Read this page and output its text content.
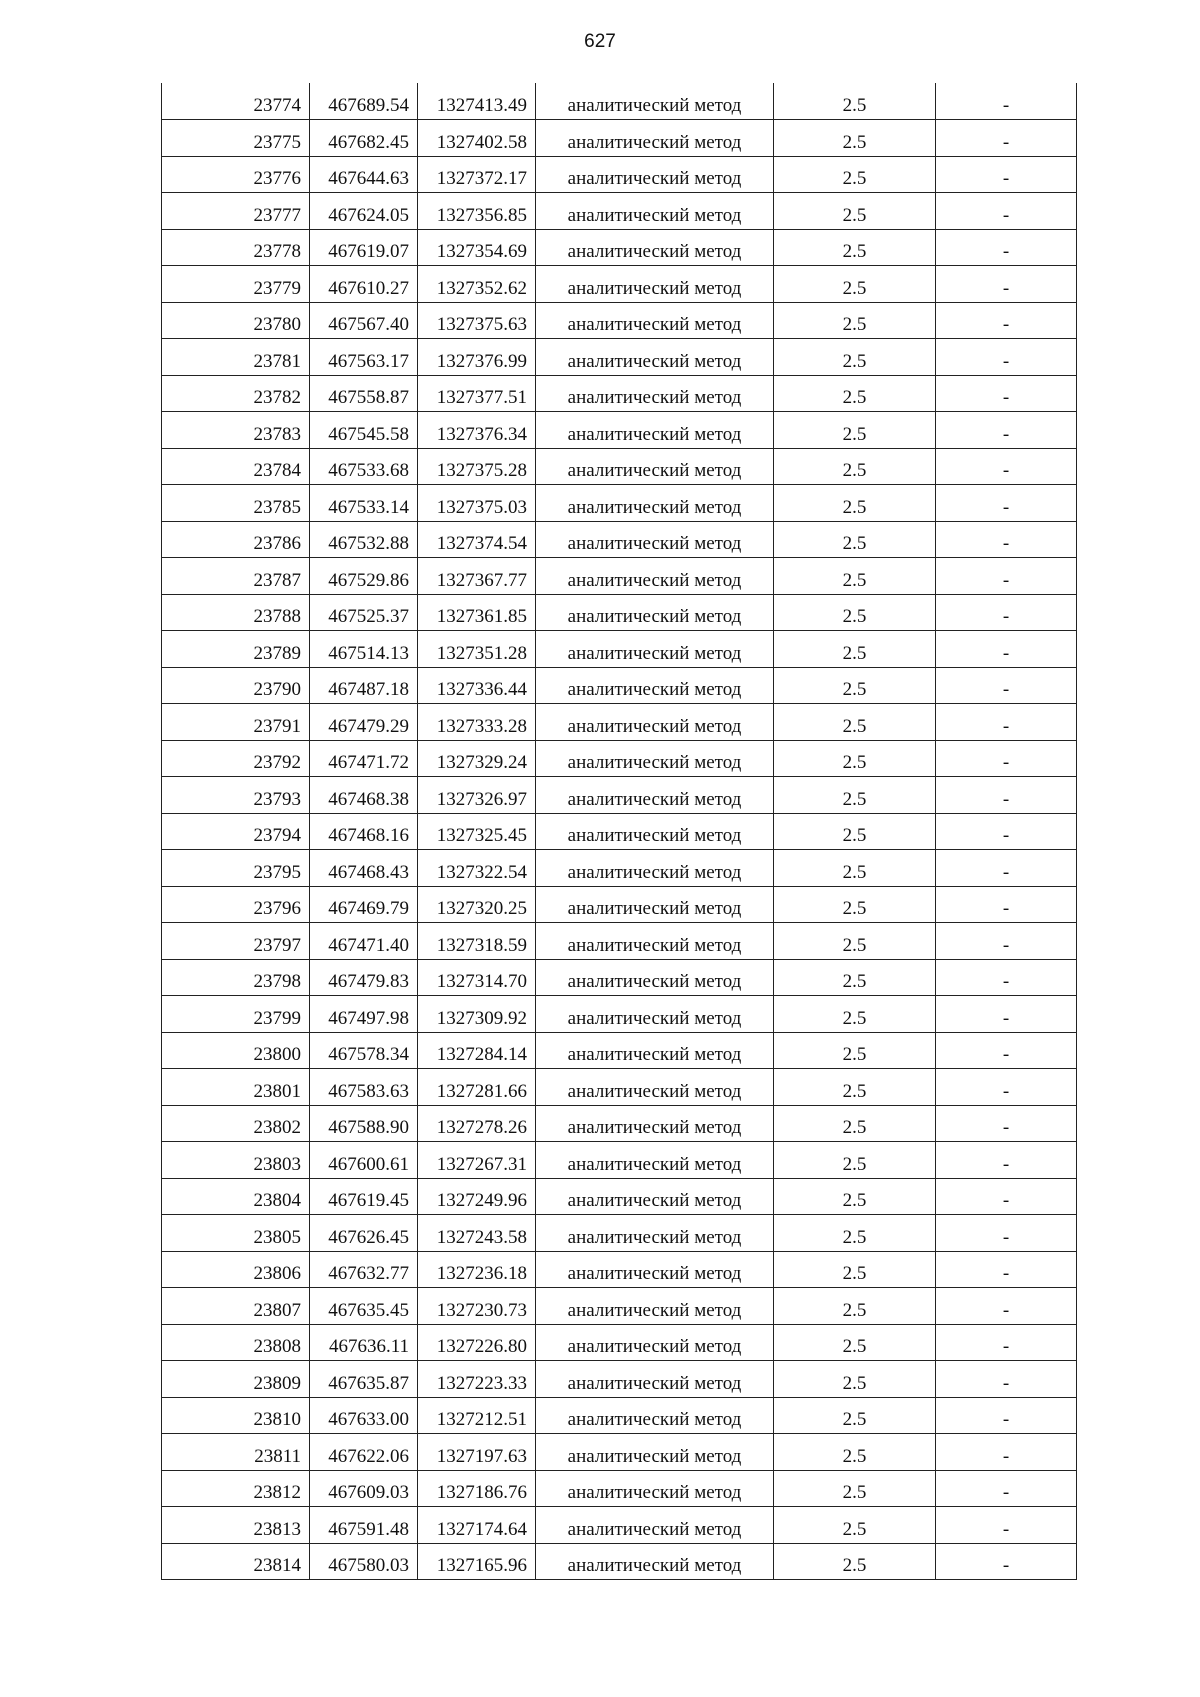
627
23774	467689.54	1327413.49	аналитический метод	2.5	-
23775	467682.45	1327402.58	аналитический метод	2.5	-
23776	467644.63	1327372.17	аналитический метод	2.5	-
23777	467624.05	1327356.85	аналитический метод	2.5	-
23778	467619.07	1327354.69	аналитический метод	2.5	-
23779	467610.27	1327352.62	аналитический метод	2.5	-
23780	467567.40	1327375.63	аналитический метод	2.5	-
23781	467563.17	1327376.99	аналитический метод	2.5	-
23782	467558.87	1327377.51	аналитический метод	2.5	-
23783	467545.58	1327376.34	аналитический метод	2.5	-
23784	467533.68	1327375.28	аналитический метод	2.5	-
23785	467533.14	1327375.03	аналитический метод	2.5	-
23786	467532.88	1327374.54	аналитический метод	2.5	-
23787	467529.86	1327367.77	аналитический метод	2.5	-
23788	467525.37	1327361.85	аналитический метод	2.5	-
23789	467514.13	1327351.28	аналитический метод	2.5	-
23790	467487.18	1327336.44	аналитический метод	2.5	-
23791	467479.29	1327333.28	аналитический метод	2.5	-
23792	467471.72	1327329.24	аналитический метод	2.5	-
23793	467468.38	1327326.97	аналитический метод	2.5	-
23794	467468.16	1327325.45	аналитический метод	2.5	-
23795	467468.43	1327322.54	аналитический метод	2.5	-
23796	467469.79	1327320.25	аналитический метод	2.5	-
23797	467471.40	1327318.59	аналитический метод	2.5	-
23798	467479.83	1327314.70	аналитический метод	2.5	-
23799	467497.98	1327309.92	аналитический метод	2.5	-
23800	467578.34	1327284.14	аналитический метод	2.5	-
23801	467583.63	1327281.66	аналитический метод	2.5	-
23802	467588.90	1327278.26	аналитический метод	2.5	-
23803	467600.61	1327267.31	аналитический метод	2.5	-
23804	467619.45	1327249.96	аналитический метод	2.5	-
23805	467626.45	1327243.58	аналитический метод	2.5	-
23806	467632.77	1327236.18	аналитический метод	2.5	-
23807	467635.45	1327230.73	аналитический метод	2.5	-
23808	467636.11	1327226.80	аналитический метод	2.5	-
23809	467635.87	1327223.33	аналитический метод	2.5	-
23810	467633.00	1327212.51	аналитический метод	2.5	-
23811	467622.06	1327197.63	аналитический метод	2.5	-
23812	467609.03	1327186.76	аналитический метод	2.5	-
23813	467591.48	1327174.64	аналитический метод	2.5	-
23814	467580.03	1327165.96	аналитический метод	2.5	-
